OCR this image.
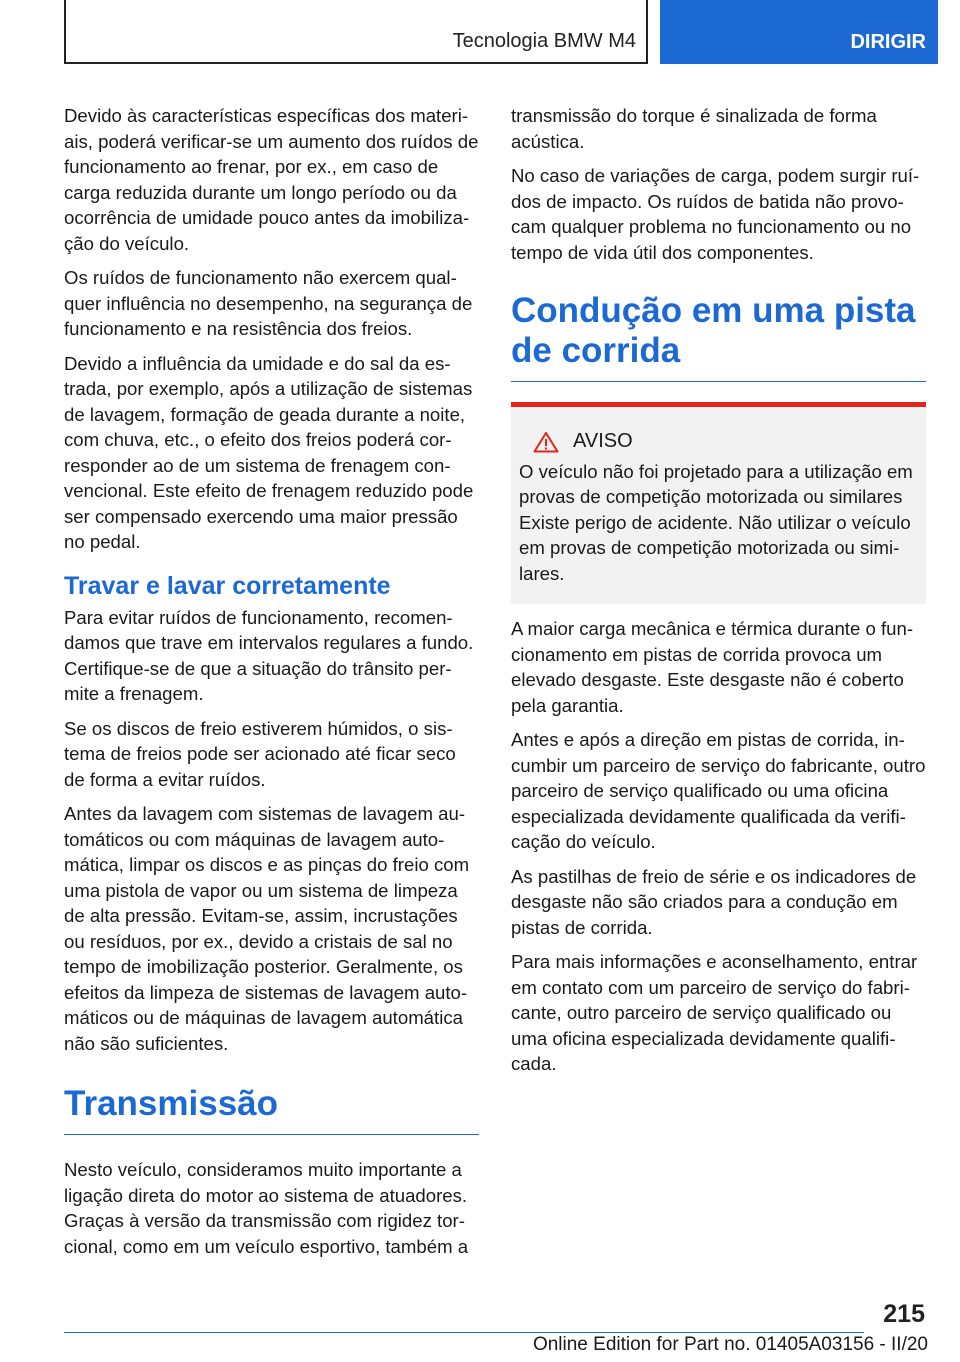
Tecnologia BMW M4	DIRIGIR

Devido às características específicas dos materiais, poderá verificar-se um aumento dos ruídos de funcionamento ao frenar, por ex., em caso de carga reduzida durante um longo período ou da ocorrência de umidade pouco antes da imobilização do veículo.

Os ruídos de funcionamento não exercem qualquer influência no desempenho, na segurança de funcionamento e na resistência dos freios.

Devido a influência da umidade e do sal da estrada, por exemplo, após a utilização de sistemas de lavagem, formação de geada durante a noite, com chuva, etc., o efeito dos freios poderá corresponder ao de um sistema de frenagem convencional. Este efeito de frenagem reduzido pode ser compensado exercendo uma maior pressão no pedal.

Travar e lavar corretamente

Para evitar ruídos de funcionamento, recomendamos que trave em intervalos regulares a fundo. Certifique-se de que a situação do trânsito permite a frenagem.

Se os discos de freio estiverem húmidos, o sistema de freios pode ser acionado até ficar seco de forma a evitar ruídos.

Antes da lavagem com sistemas de lavagem automáticos ou com máquinas de lavagem automática, limpar os discos e as pinças do freio com uma pistola de vapor ou um sistema de limpeza de alta pressão. Evitam-se, assim, incrustações ou resíduos, por ex., devido a cristais de sal no tempo de imobilização posterior. Geralmente, os efeitos da limpeza de sistemas de lavagem automáticos ou de máquinas de lavagem automática não são suficientes.

Transmissão

Nesto veículo, consideramos muito importante a ligação direta do motor ao sistema de atuadores. Graças à versão da transmissão com rigidez torcional, como em um veículo esportivo, também a

transmissão do torque é sinalizada de forma acústica.

No caso de variações de carga, podem surgir ruídos de impacto. Os ruídos de batida não provocam qualquer problema no funcionamento ou no tempo de vida útil dos componentes.

Condução em uma pista de corrida
AVISO

O veículo não foi projetado para a utilização em provas de competição motorizada ou similares Existe perigo de acidente. Não utilizar o veículo em provas de competição motorizada ou similares.

A maior carga mecânica e térmica durante o funcionamento em pistas de corrida provoca um elevado desgaste. Este desgaste não é coberto pela garantia.

Antes e após a direção em pistas de corrida, incumbir um parceiro de serviço do fabricante, outro parceiro de serviço qualificado ou uma oficina especializada devidamente qualificada da verificação do veículo.

As pastilhas de freio de série e os indicadores de desgaste não são criados para a condução em pistas de corrida.

Para mais informações e aconselhamento, entrar em contato com um parceiro de serviço do fabricante, outro parceiro de serviço qualificado ou uma oficina especializada devidamente qualificada.

215
Online Edition for Part no. 01405A03156 - II/20
